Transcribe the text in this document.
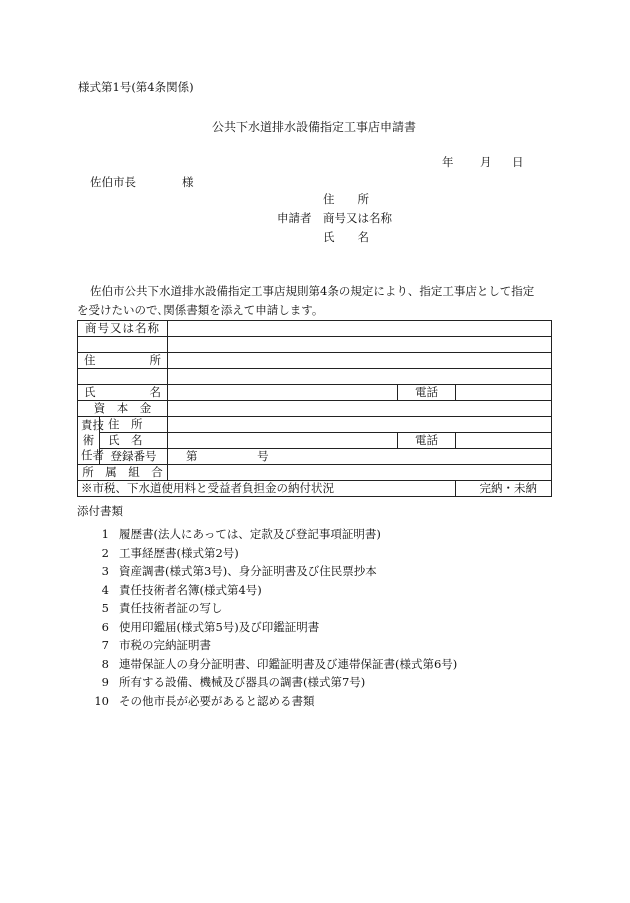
様式第1号(第4条関係)
公共下水道排水設備指定工事店申請書
年 月 日
佐伯市長	様
住　　所
申請者 商号又は名称
氏　　名
佐伯市公共下水道排水設備指定工事店規則第4条の規定により、指定工事店として指定
を受けたいので､関係書類を添えて申請します。
商号又は名称				

住 所				

氏 名			電話	
資　本　金				
責技
術
任者	住　所			
	氏　名		電話	
	登録番号	第 号		
所　属　組　合				
※市税、下水道使用料と受益者負担金の納付状況				完納・未納
添付書類
1 履歴書(法人にあっては、定款及び登記事項証明書)
2 工事経歴書(様式第2号)
3 資産調書(様式第3号)、身分証明書及び住民票抄本
4 責任技術者名簿(様式第4号)
5 責任技術者証の写し
6 使用印鑑届(様式第5号)及び印鑑証明書
7 市税の完納証明書
8 連帯保証人の身分証明書、印鑑証明書及び連帯保証書(様式第6号)
9 所有する設備、機械及び器具の調書(様式第7号)
10 その他市長が必要があると認める書類
